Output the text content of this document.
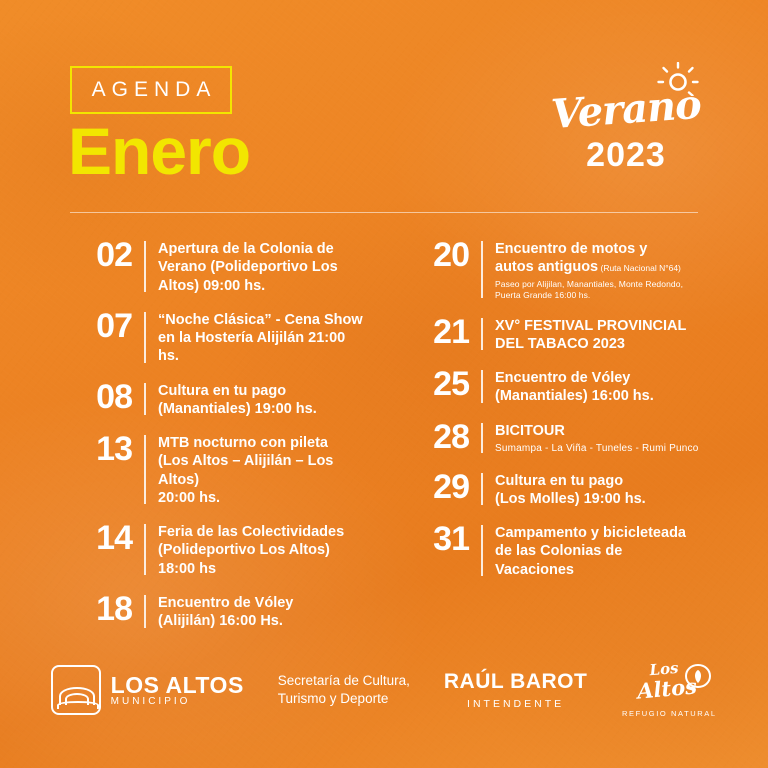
AGENDA
Enero
Verano
2023
02	Apertura de la Colonia de
Verano (Polideportivo Los
Altos) 09:00 hs.
07	“Noche Clásica” - Cena Show
en la Hostería Alijilán 21:00 hs.
08	Cultura en tu pago
(Manantiales) 19:00 hs.
13	MTB nocturno con pileta
(Los Altos – Alijilán – Los Altos)
20:00 hs.
14	Feria de las Colectividades
(Polideportivo Los Altos)
18:00 hs
18	Encuentro de Vóley
(Alijilán) 16:00 Hs.
20	Encuentro de motos y
autos antiguos (Ruta Nacional N°64)
Paseo por Alijilan, Manantiales, Monte Redondo, Puerta Grande 16:00 hs.
21	XV° FESTIVAL PROVINCIAL
DEL TABACO 2023
25	Encuentro de Vóley
(Manantiales) 16:00 hs.
28	BICITOUR
Sumampa - La Viña - Tuneles - Rumi Punco
29	Cultura en tu pago
(Los Molles) 19:00 hs.
31	Campamento y bicicleteada
de las Colonias de
Vacaciones
LOS ALTOS
MUNICIPIO
Secretaría de Cultura,
Turismo y Deporte
RAÚL BAROT
INTENDENTE
Los
Altos
REFUGIO NATURAL
